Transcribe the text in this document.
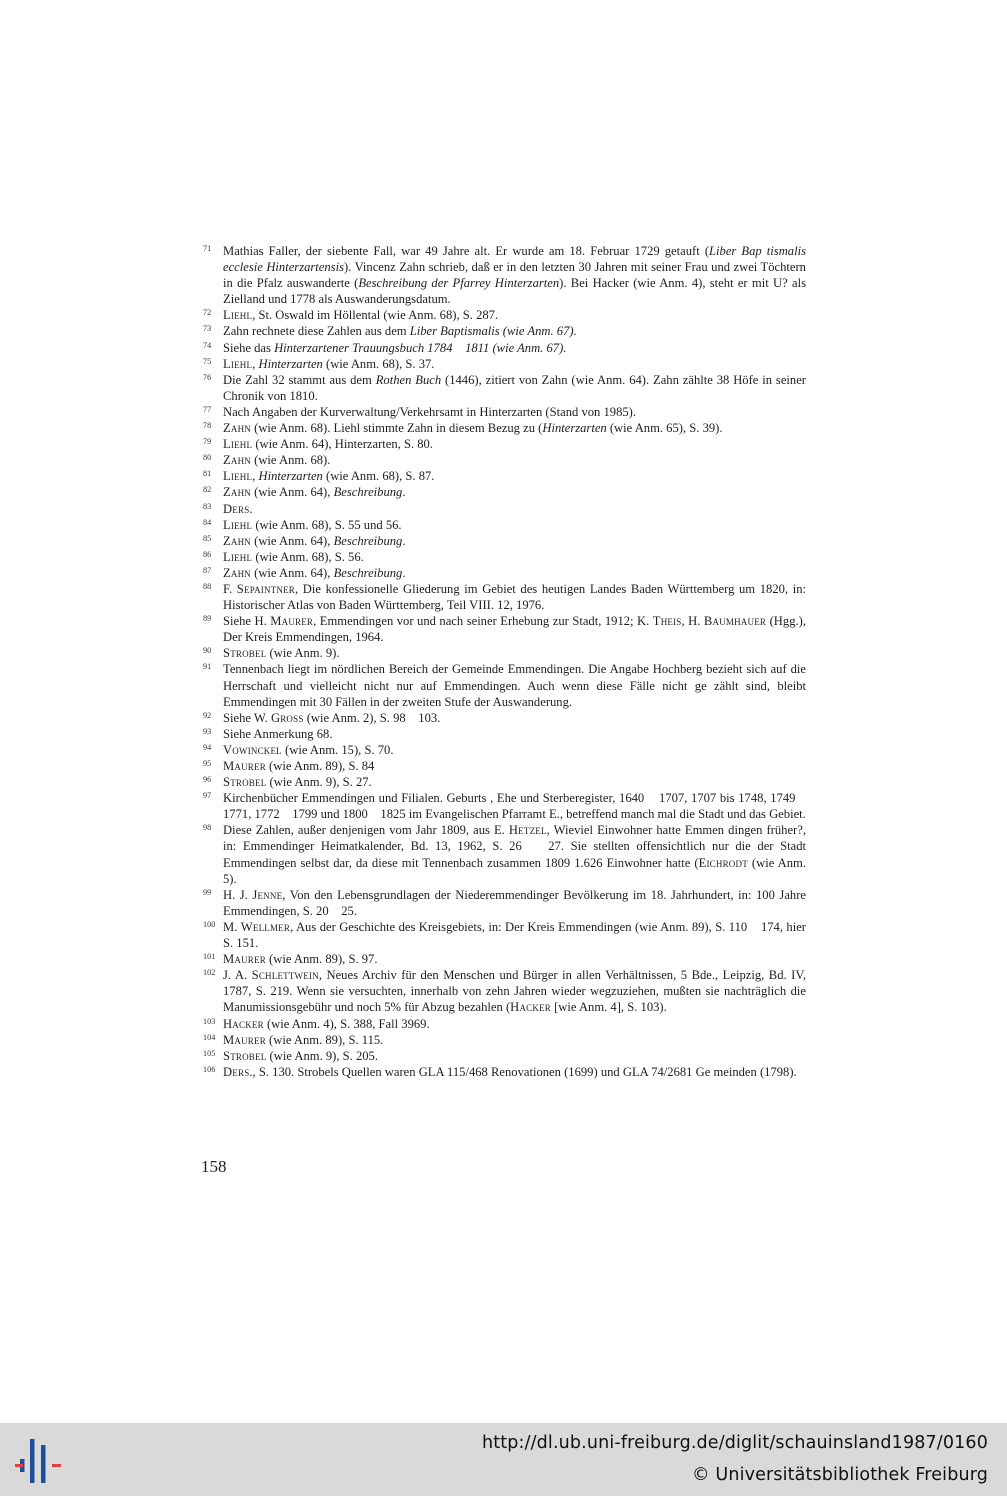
71 Mathias Faller, der siebente Fall, war 49 Jahre alt. Er wurde am 18. Februar 1729 getauft (Liber Bap tismalis ecclesie Hinterzartensis). Vincenz Zahn schrieb, daß er in den letzten 30 Jahren mit seiner Frau und zwei Töchtern in die Pfalz auswanderte (Beschreibung der Pfarrey Hinterzarten). Bei Hacker (wie Anm. 4), steht er mit U? als Zielland und 1778 als Auswanderungsdatum.
72 Liehl, St. Oswald im Höllental (wie Anm. 68), S. 287.
73 Zahn rechnete diese Zahlen aus dem Liber Baptismalis (wie Anm. 67).
74 Siehe das Hinterzartener Trauungsbuch 1784    1811 (wie Anm. 67).
75 Liehl, Hinterzarten (wie Anm. 68), S. 37.
76 Die Zahl 32 stammt aus dem Rothen Buch (1446), zitiert von Zahn (wie Anm. 64). Zahn zählte 38 Höfe in seiner Chronik von 1810.
77 Nach Angaben der Kurverwaltung/Verkehrsamt in Hinterzarten (Stand von 1985).
78 Zahn (wie Anm. 68). Liehl stimmte Zahn in diesem Bezug zu (Hinterzarten (wie Anm. 65), S. 39).
79 Liehl (wie Anm. 64), Hinterzarten, S. 80.
80 Zahn (wie Anm. 68).
81 Liehl, Hinterzarten (wie Anm. 68), S. 87.
82 Zahn (wie Anm. 64), Beschreibung.
83 Ders.
84 Liehl (wie Anm. 68), S. 55 und 56.
85 Zahn (wie Anm. 64), Beschreibung.
86 Liehl (wie Anm. 68), S. 56.
87 Zahn (wie Anm. 64), Beschreibung.
88 F. Sepaintner, Die konfessionelle Gliederung im Gebiet des heutigen Landes Baden Württemberg um 1820, in: Historischer Atlas von Baden Württemberg, Teil VIII. 12, 1976.
89 Siehe H. Maurer, Emmendingen vor und nach seiner Erhebung zur Stadt, 1912; K. Theis, H. Baumhauer (Hgg.), Der Kreis Emmendingen, 1964.
90 Strobel (wie Anm. 9).
91 Tennenbach liegt im nördlichen Bereich der Gemeinde Emmendingen. Die Angabe Hochberg bezieht sich auf die Herrschaft und vielleicht nicht nur auf Emmendingen. Auch wenn diese Fälle nicht ge zählt sind, bleibt Emmendingen mit 30 Fällen in der zweiten Stufe der Auswanderung.
92 Siehe W. Gross (wie Anm. 2), S. 98    103.
93 Siehe Anmerkung 68.
94 Vowinckel (wie Anm. 15), S. 70.
95 Maurer (wie Anm. 89), S. 84
96 Strobel (wie Anm. 9), S. 27.
97 Kirchenbücher Emmendingen und Filialen. Geburts , Ehe und Sterberegister, 1640    1707, 1707 bis 1748, 1749    1771, 1772    1799 und 1800    1825 im Evangelischen Pfarramt E., betreffend manch mal die Stadt und das Gebiet.
98 Diese Zahlen, außer denjenigen vom Jahr 1809, aus E. Hetzel, Wieviel Einwohner hatte Emmen dingen früher?, in: Emmendinger Heimatkalender, Bd. 13, 1962, S. 26    27. Sie stellten offensichtlich nur die der Stadt Emmendingen selbst dar, da diese mit Tennenbach zusammen 1809 1.626 Einwohner hatte (Eichrodt (wie Anm. 5).
99 H. J. Jenne, Von den Lebensgrundlagen der Niederemmendinger Bevölkerung im 18. Jahrhundert, in: 100 Jahre Emmendingen, S. 20    25.
100 M. Wellmer, Aus der Geschichte des Kreisgebiets, in: Der Kreis Emmendingen (wie Anm. 89), S. 110    174, hier S. 151.
101 Maurer (wie Anm. 89), S. 97.
102 J. A. Schlettwein, Neues Archiv für den Menschen und Bürger in allen Verhältnissen, 5 Bde., Leipzig, Bd. IV, 1787, S. 219. Wenn sie versuchten, innerhalb von zehn Jahren wieder wegzuziehen, mußten sie nachträglich die Manumissionsgebühr und noch 5% für Abzug bezahlen (Hacker [wie Anm. 4], S. 103).
103 Hacker (wie Anm. 4), S. 388, Fall 3969.
104 Maurer (wie Anm. 89), S. 115.
105 Strobel (wie Anm. 9), S. 205.
106 Ders., S. 130. Strobels Quellen waren GLA 115/468 Renovationen (1699) und GLA 74/2681 Ge meinden (1798).
158
http://dl.ub.uni-freiburg.de/diglit/schauinsland1987/0160
© Universitätsbibliothek Freiburg
